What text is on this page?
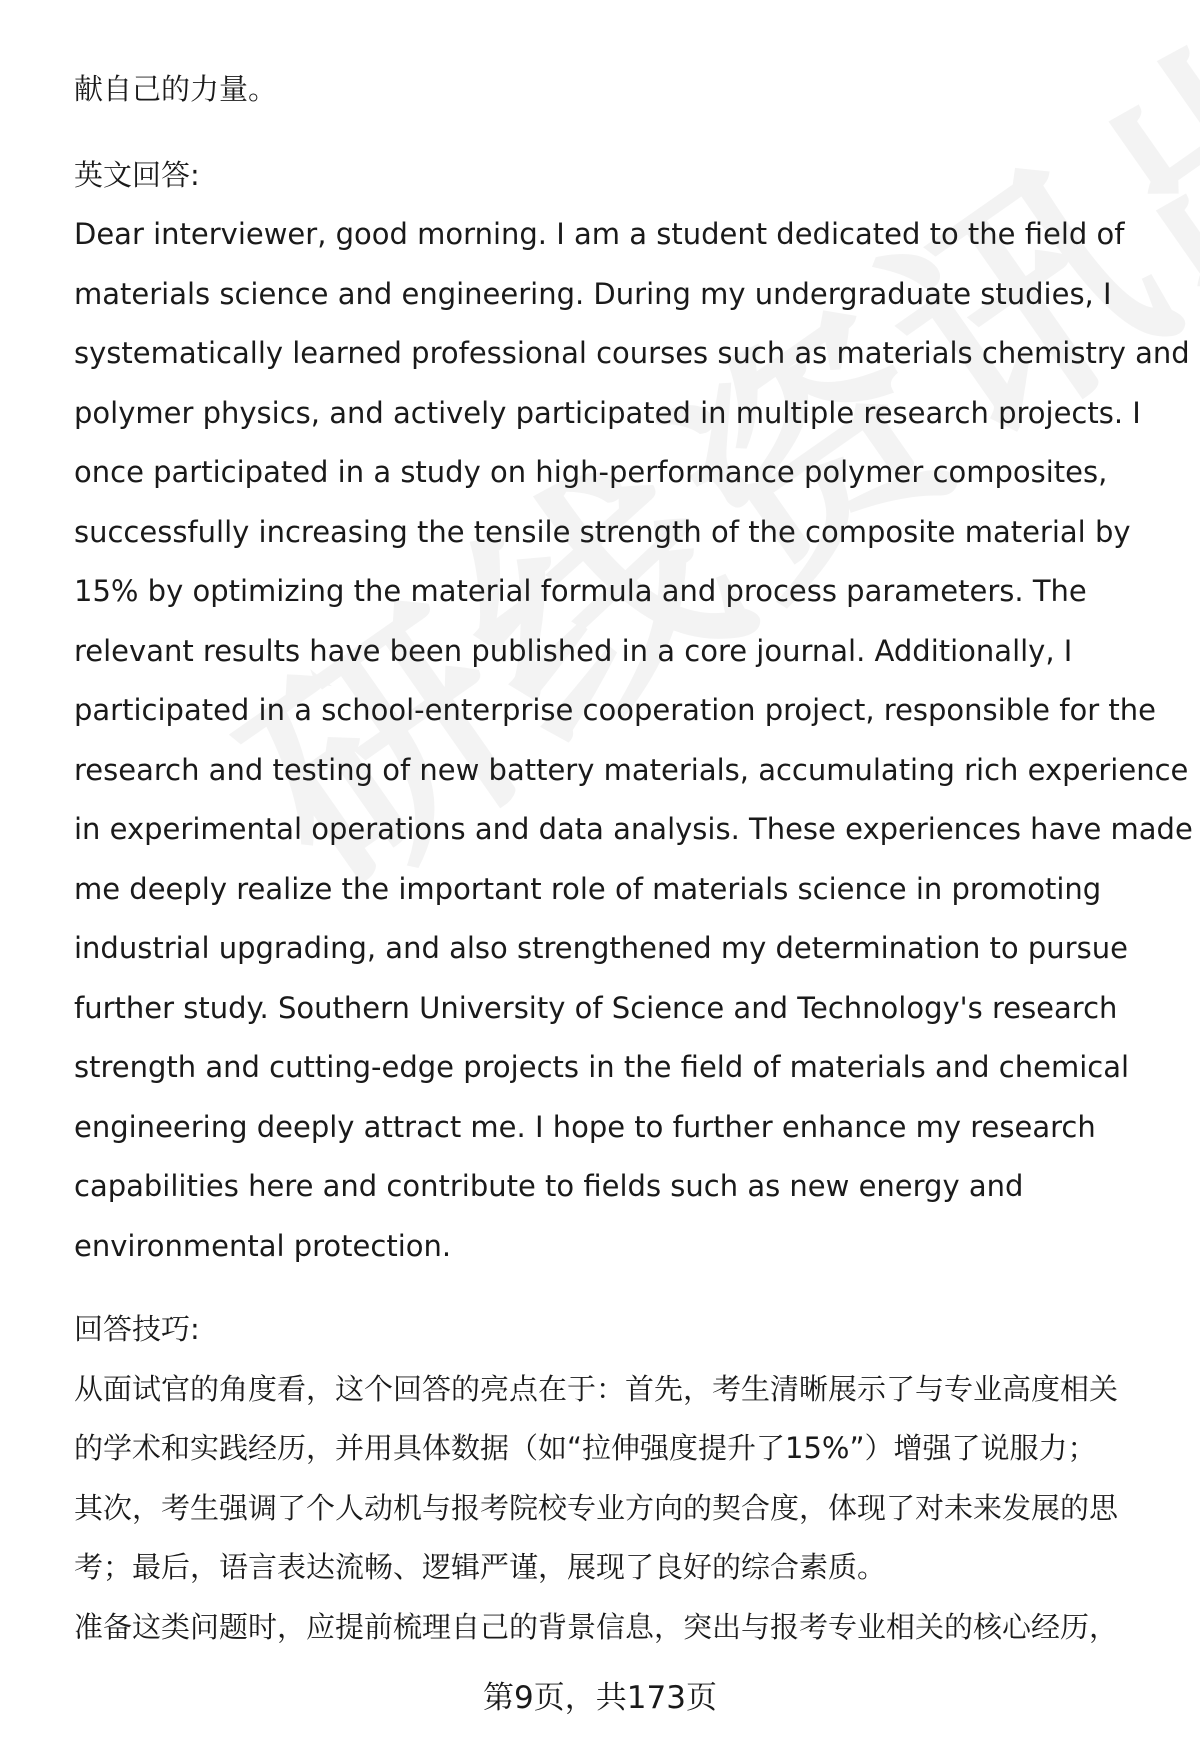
献自己的力量。

英文回答:

Dear interviewer, good morning. I am a student dedicated to the field of

materials science and engineering. During my undergraduate studies, I

systematically learned professional courses such as materials chemistry and

polymer physics, and actively participated in multiple research projects. I

once participated in a study on high-performance polymer composites,

successfully increasing the tensile strength of the composite material by

15% by optimizing the material formula and process parameters. The

relevant results have been published in a core journal. Additionally, I

participated in a school-enterprise cooperation project, responsible for the

research and testing of new battery materials, accumulating rich experience

in experimental operations and data analysis. These experiences have made

me deeply realize the important role of materials science in promoting

industrial upgrading, and also strengthened my determination to pursue

further study. Southern University of Science and Technology's research

strength and cutting-edge projects in the field of materials and chemical

engineering deeply attract me. I hope to further enhance my research

capabilities here and contribute to fields such as new energy and

environmental protection.

回答技巧:

从面试官的角度看，这个回答的亮点在于：首先，考生清晰展示了与专业高度相关

的学术和实践经历，并用具体数据（如“拉伸强度提升了15%”）增强了说服力；

其次，考生强调了个人动机与报考院校专业方向的契合度，体现了对未来发展的思

考；最后，语言表达流畅、逻辑严谨，展现了良好的综合素质。

准备这类问题时，应提前梳理自己的背景信息，突出与报考专业相关的核心经历，

第9页，共173页
